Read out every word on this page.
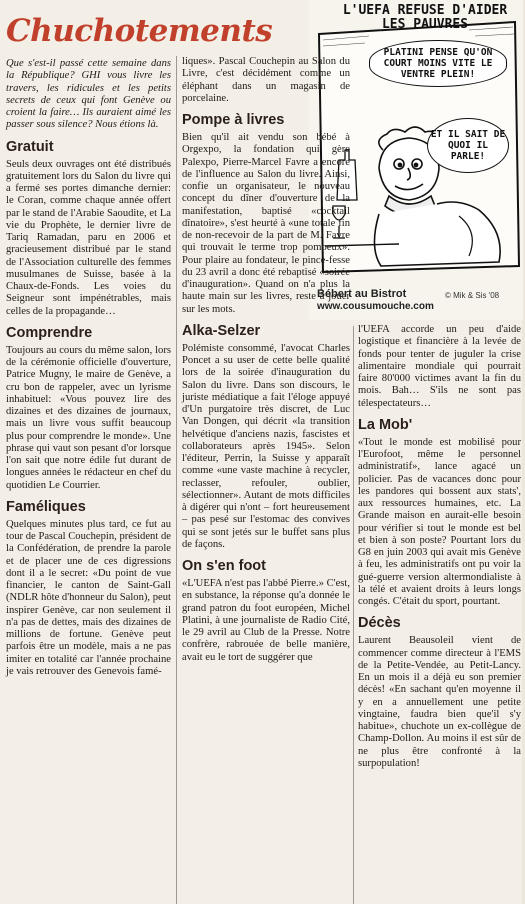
Chuchotements
L'UEFA REFUSE D'AIDER LES PAUVRES
PLATINI PENSE QU'ON COURT MOINS VITE LE VENTRE PLEIN!
ET IL SAIT DE QUOI IL PARLE!
Bébert au Bistrot
www.cousumouche.com
© Mik & Sis '08

Que s'est-il passé cette semaine dans la République? GHI vous livre les travers, les ridicules et les petits secrets de ceux qui font Genève ou croient la faire… Ils auraient aimé les passer sous silence? Nous étions là.

Gratuit

Seuls deux ouvrages ont été distribués gratuitement lors du Salon du livre qui a fermé ses portes dimanche dernier: le Coran, comme chaque année offert par le stand de l'Arabie Saoudite, et La vie du Prophète, le dernier livre de Tariq Ramadan, paru en 2006 et gracieusement distribué par le stand de l'Association culturelle des femmes musulmanes de Suisse, basée à la Chaux-de-Fonds. Les voies du Seigneur sont impénétrables, mais celles de la propagande…

Comprendre

Toujours au cours du même salon, lors de la cérémonie officielle d'ouverture, Patrice Mugny, le maire de Genève, a cru bon de rappeler, avec un lyrisme inhabituel: «Vous pouvez lire des dizaines et des dizaines de journaux, mais un livre vous suffit beaucoup plus pour comprendre le monde». Une phrase qui vaut son pesant d'or lorsque l'on sait que notre édile fut durant de longues années le rédacteur en chef du quotidien Le Courrier.

Faméliques

Quelques minutes plus tard, ce fut au tour de Pascal Couchepin, président de la Confédération, de prendre la parole et de placer une de ces digressions dont il a le secret: «Du point de vue financier, le canton de Saint-Gall (NDLR hôte d'honneur du Salon), peut inspirer Genève, car non seulement il n'a pas de dettes, mais des dizaines de millions de fortune. Genève peut parfois être un modèle, mais a ne pas imiter en totalité car l'année prochaine je vais retrouver des Genevois famé-

liques». Pascal Couchepin au Salon du Livre, c'est décidément comme un éléphant dans un magasin de porcelaine.

Pompe à livres

Bien qu'il ait vendu son bébé à Orgexpo, la fondation qui gère Palexpo, Pierre-Marcel Favre a encore de l'influence au Salon du livre. Ainsi, confie un organisateur, le nouveau concept du dîner d'ouverture de la manifestation, baptisé «cocktail dînatoire», s'est heurté à «une totale fin de non-recevoir de la part de M. Favre qui trouvait le terme trop pompeux». Pour plaire au fondateur, le pince-fesse du 23 avril a donc été rebaptisé «soirée d'inauguration». Quand on n'a plus la haute main sur les livres, reste à jouer sur les mots.

Alka-Selzer

Polémiste consommé, l'avocat Charles Poncet a su user de cette belle qualité lors de la soirée d'inauguration du Salon du livre. Dans son discours, le juriste médiatique a fait l'éloge appuyé d'Un purgatoire très discret, de Luc Van Dongen, qui décrit «la transition helvétique d'anciens nazis, fascistes et collaborateurs après 1945». Selon l'éditeur, Perrin, la Suisse y apparaît comme «une vaste machine à recycler, reclasser, refouler, oublier, sélectionner». Autant de mots difficiles à digérer qui n'ont – fort heureusement – pas pesé sur l'estomac des convives qui se sont jetés sur le buffet sans plus de façons.

On s'en foot

«L'UEFA n'est pas l'abbé Pierre.» C'est, en substance, la réponse qu'a donnée le grand patron du foot européen, Michel Platini, à une journaliste de Radio Cité, le 29 avril au Club de la Presse. Notre confrère, rabrouée de belle manière, avait eu le tort de suggérer que

l'UEFA accorde un peu d'aide logistique et financière à la levée de fonds pour tenter de juguler la crise alimentaire mondiale qui pourrait faire 80'000 victimes avant la fin du mois. Bah… S'ils ne sont pas télespectateurs…

La Mob'

«Tout le monde est mobilisé pour l'Eurofoot, même le personnel administratif», lance agacé un policier. Pas de vacances donc pour les pandores qui bossent aux stats', aux ressources humaines, etc. La Grande maison en aurait-elle besoin pour vérifier si tout le monde est bel et bien à son poste? Pourtant lors du G8 en juin 2003 qui avait mis Genève à feu, les administratifs ont pu voir la gué-guerre version altermondialiste à la télé et avaient droits à leurs longs congés. C'était du sport, pourtant.

Décès

Laurent Beausoleil vient de commencer comme directeur à l'EMS de la Petite-Vendée, au Petit-Lancy. En un mois il a déjà eu son premier décès! «En sachant qu'en moyenne il y en a annuellement une petite vingtaine, faudra bien que'il s'y habitue», chuchote un ex-collègue de Champ-Dollon. Au moins il est sûr de ne plus être confronté à la surpopulation!
